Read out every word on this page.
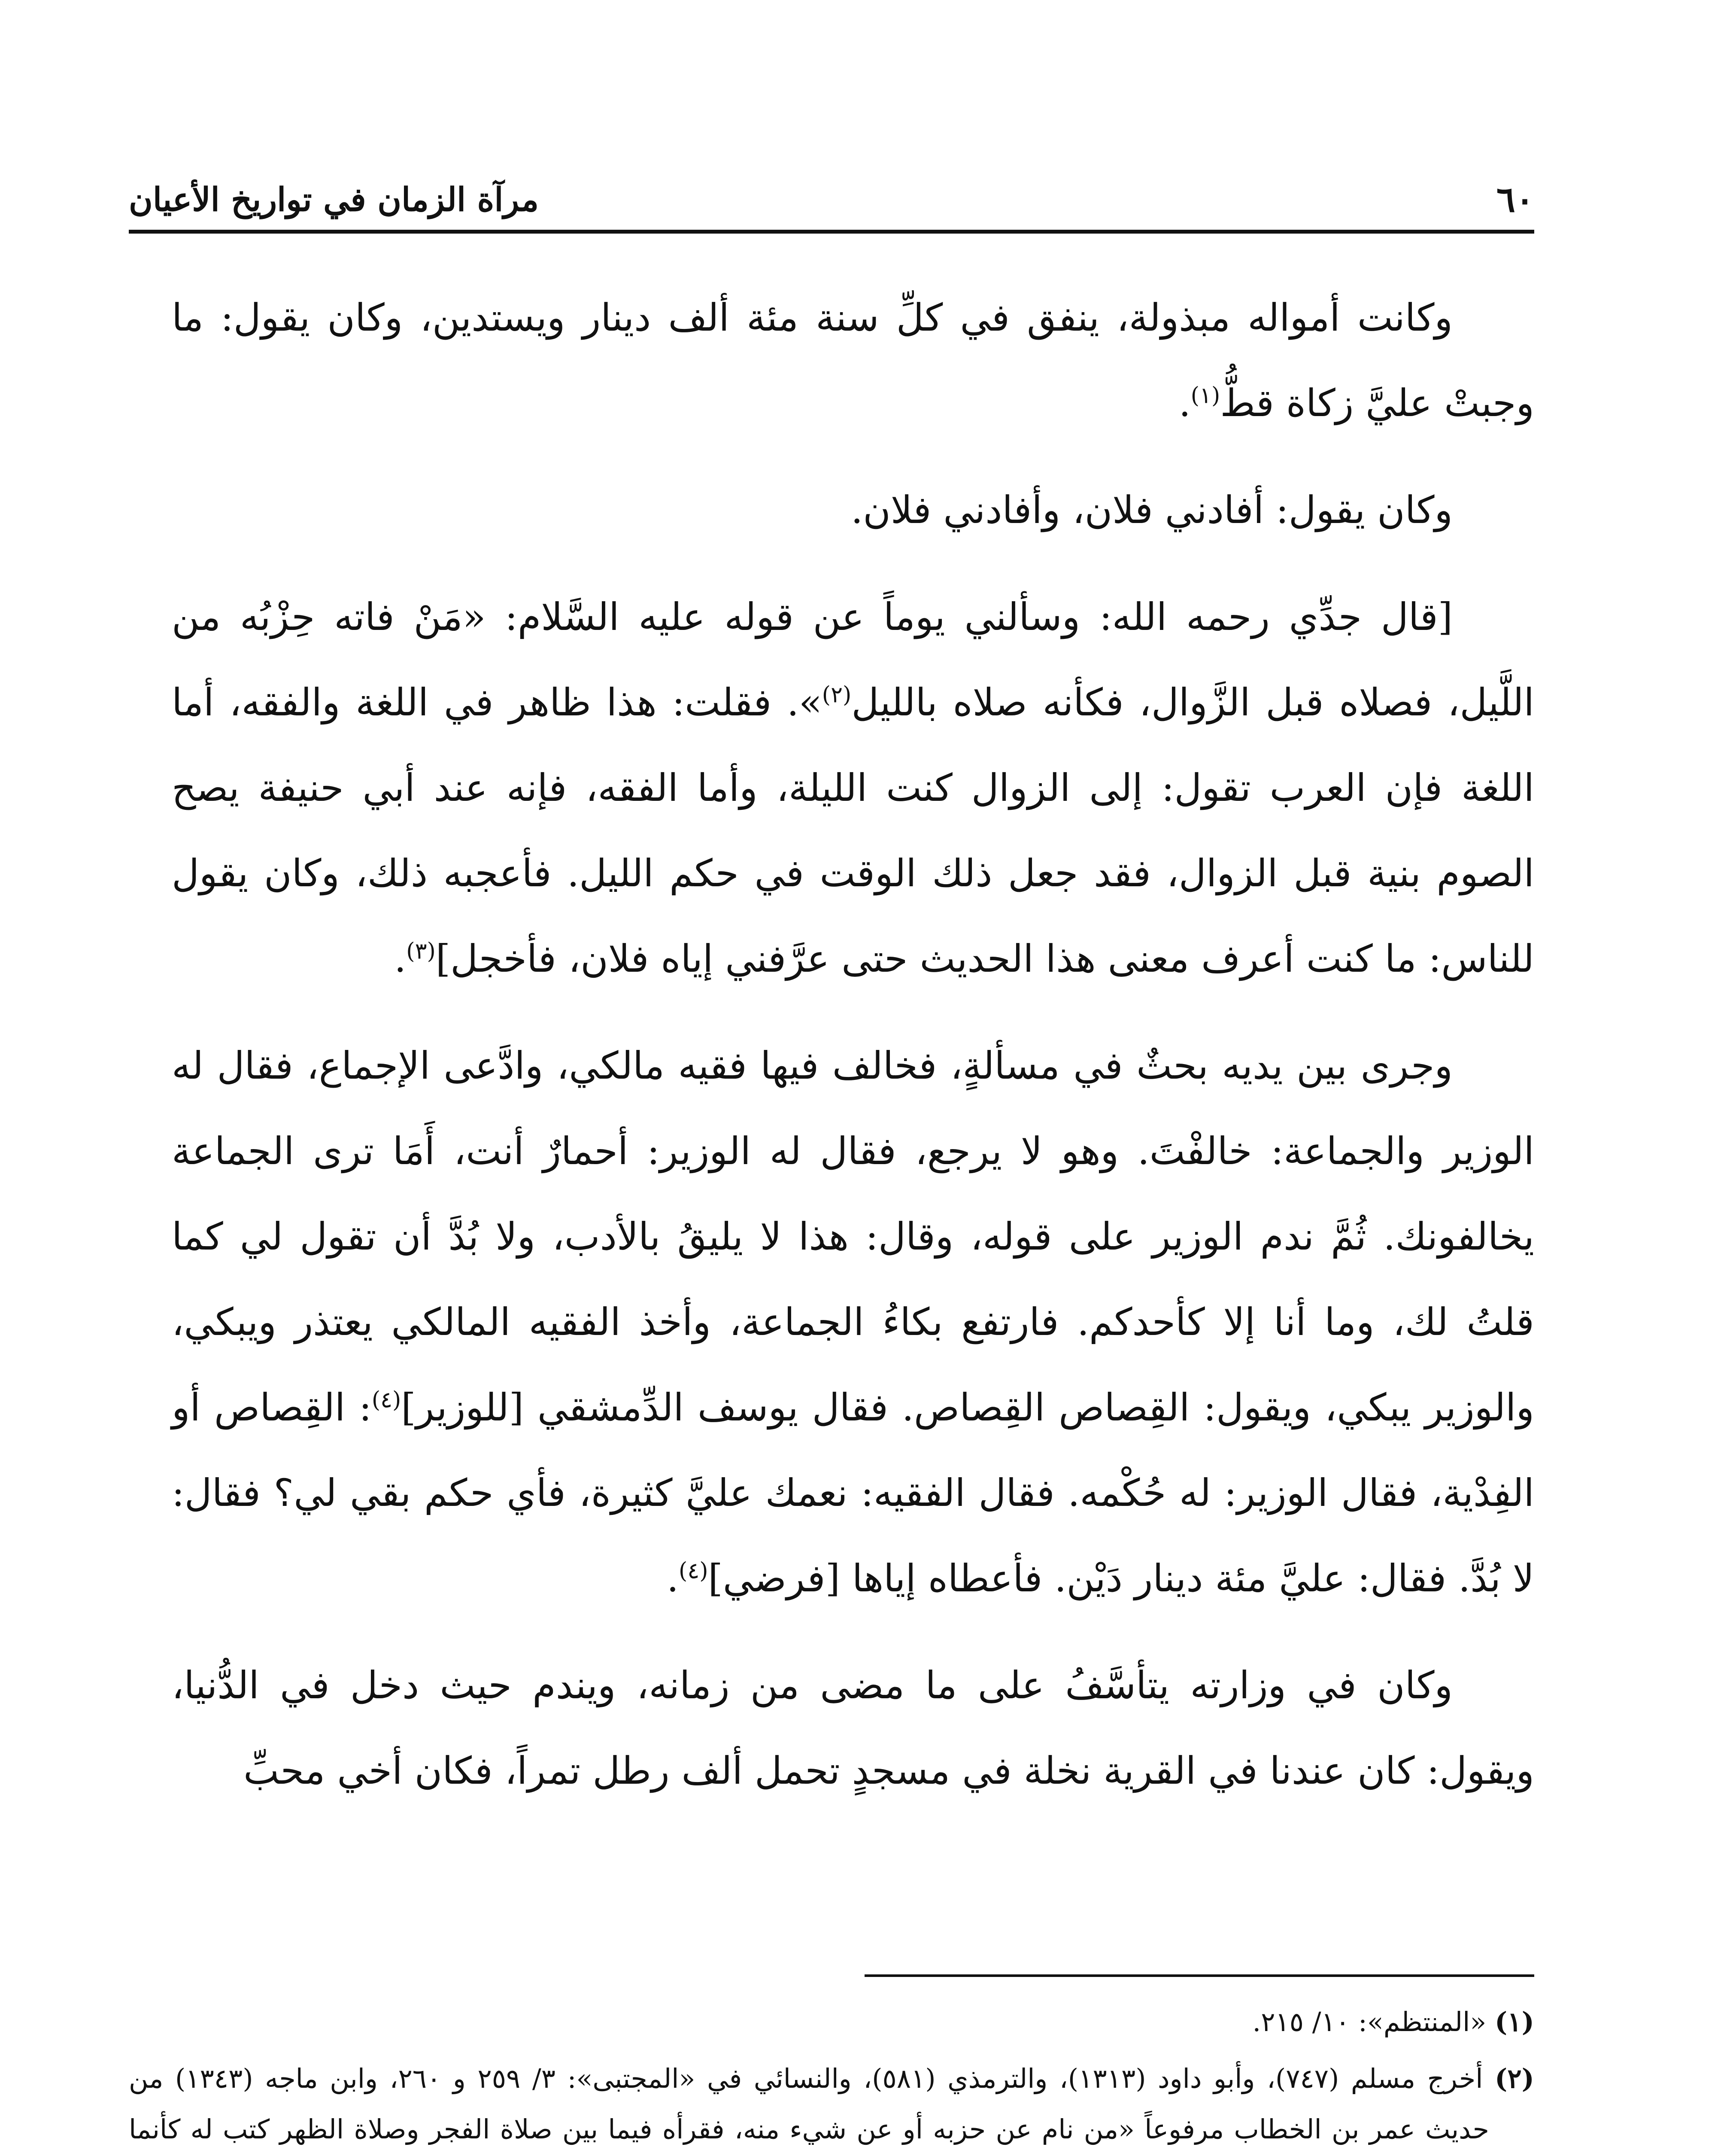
٦٠
مرآة الزمان في تواريخ الأعيان

وكانت أمواله مبذولة، ينفق في كلِّ سنة مئة ألف دينار ويستدين، وكان يقول: ما وجبتْ عليَّ زكاة قطُّ$^{(١)}$.

وكان يقول: أفادني فلان، وأفادني فلان.

[قال جدِّي رحمه الله: وسألني يوماً عن قوله عليه السَّلام: «مَنْ فاته حِزْبُه من اللَّيل، فصلاه قبل الزَّوال، فكأنه صلاه بالليل$^{(٢)}$». فقلت: هذا ظاهر في اللغة والفقه، أما اللغة فإن العرب تقول: إلى الزوال كنت الليلة، وأما الفقه، فإنه عند أبي حنيفة يصح الصوم بنية قبل الزوال، فقد جعل ذلك الوقت في حكم الليل. فأعجبه ذلك، وكان يقول للناس: ما كنت أعرف معنى هذا الحديث حتى عرَّفني إياه فلان، فأخجل]$^{(٣)}$.

وجرى بين يديه بحثٌ في مسألةٍ، فخالف فيها فقيه مالكي، وادَّعى الإجماع، فقال له الوزير والجماعة: خالفْتَ. وهو لا يرجع، فقال له الوزير: أحمارٌ أنت، أَمَا ترى الجماعة يخالفونك. ثُمَّ ندم الوزير على قوله، وقال: هذا لا يليقُ بالأدب، ولا بُدَّ أن تقول لي كما قلتُ لك، وما أنا إلا كأحدكم. فارتفع بكاءُ الجماعة، وأخذ الفقيه المالكي يعتذر ويبكي، والوزير يبكي، ويقول: القِصاص القِصاص. فقال يوسف الدِّمشقي [للوزير]$^{(٤)}$: القِصاص أو الفِدْية، فقال الوزير: له حُكْمه. فقال الفقيه: نعمك عليَّ كثيرة، فأي حكم بقي لي؟ فقال: لا بُدَّ. فقال: عليَّ مئة دينار دَيْن. فأعطاه إياها [فرضي]$^{(٤)}$.

وكان في وزارته يتأسَّفُ على ما مضى من زمانه، ويندم حيث دخل في الدُّنيا، ويقول: كان عندنا في القرية نخلة في مسجدٍ تحمل ألف رطل تمراً، فكان أخي محبِّ

(١) «المنتظم»: ١٠/ ٢١٥.
(٢) أخرج مسلم (٧٤٧)، وأبو داود (١٣١٣)، والترمذي (٥٨١)، والنسائي في «المجتبى»: ٣/ ٢٥٩ و ٢٦٠، وابن ماجه (١٣٤٣) من حديث عمر بن الخطاب مرفوعاً «من نام عن حزبه أو عن شيء منه، فقرأه فيما بين صلاة الفجر وصلاة الظهر كتب له كأنما
